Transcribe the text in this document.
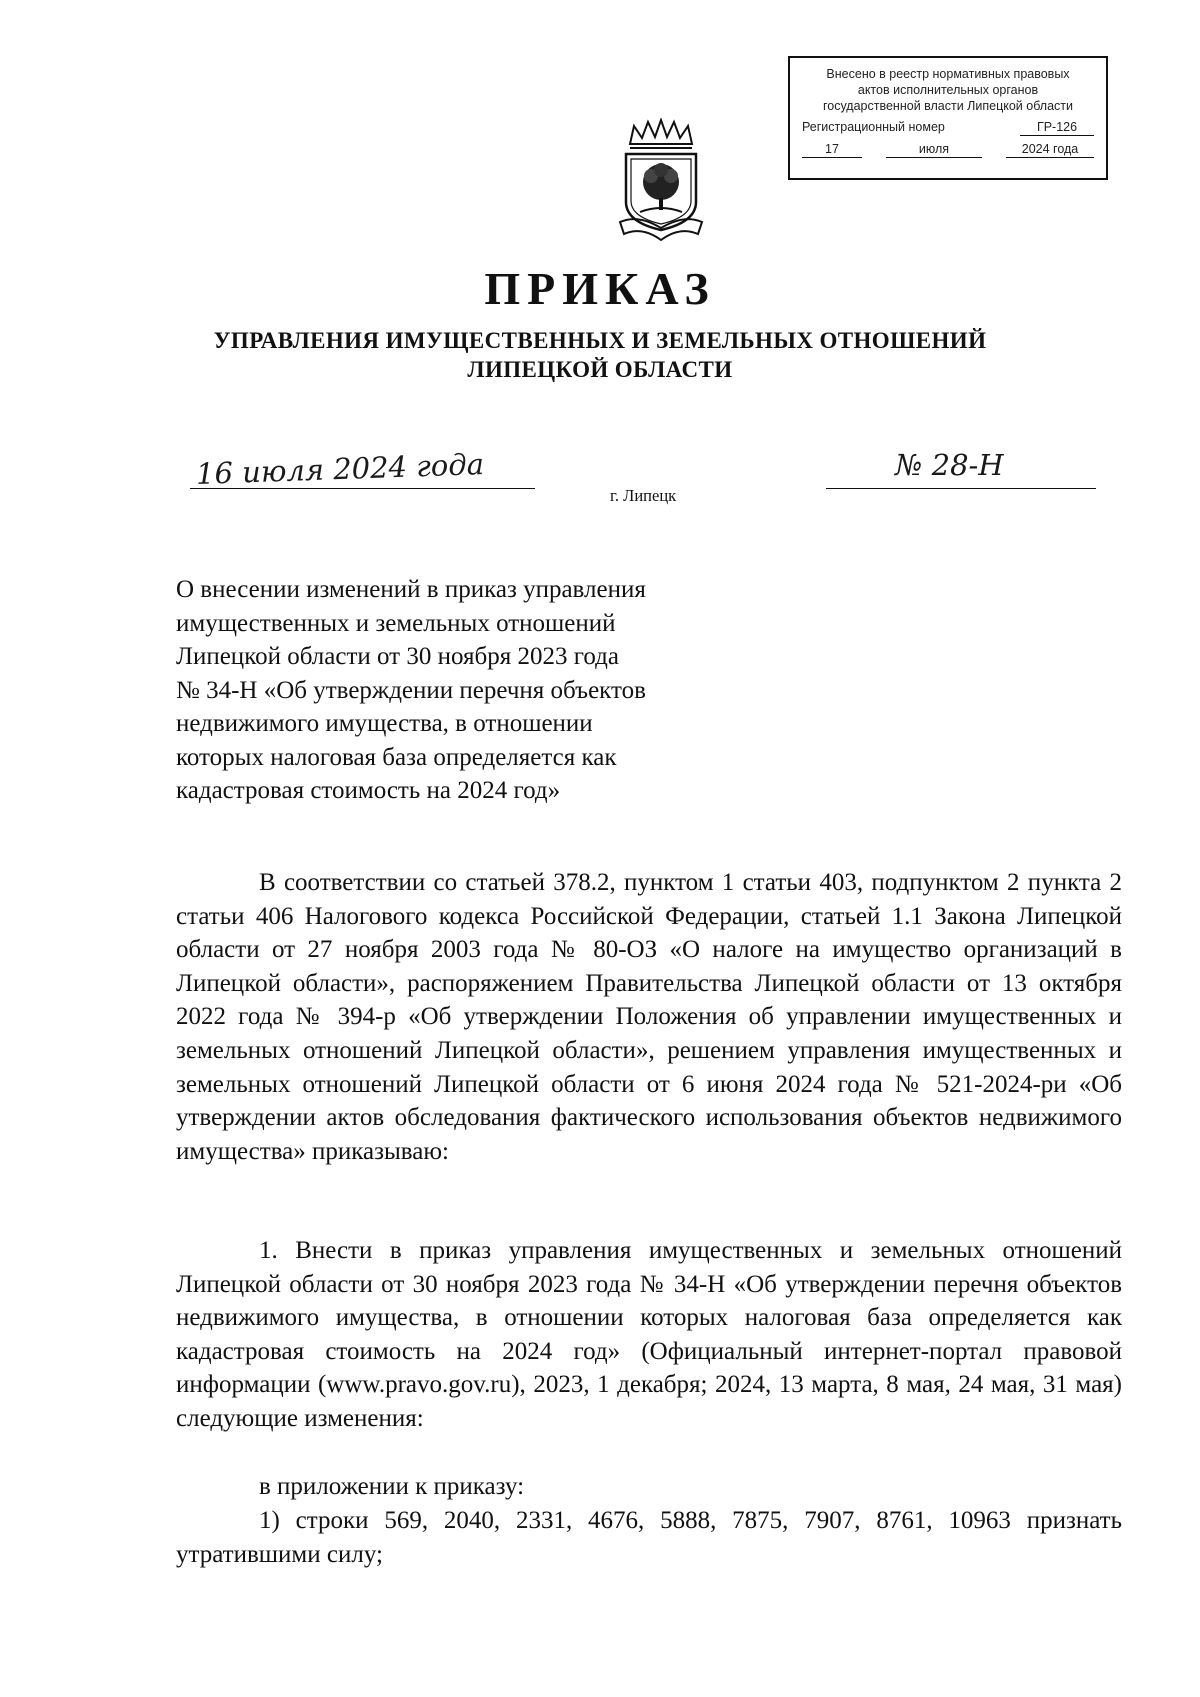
Внесено в реестр нормативных правовых
актов исполнительных органов
государственной власти Липецкой области
Регистрационный номер	ГР-126
17	июля	2024 года
ПРИКАЗ
УПРАВЛЕНИЯ ИМУЩЕСТВЕННЫХ И ЗЕМЕЛЬНЫХ ОТНОШЕНИЙ
ЛИПЕЦКОЙ ОБЛАСТИ
16 июля 2024 года	№ 28-Н
г. Липецк
О внесении изменений в приказ управления
имущественных и земельных отношений
Липецкой области от 30 ноября 2023 года
№ 34-Н «Об утверждении перечня объектов
недвижимого имущества, в отношении
которых налоговая база определяется как
кадастровая стоимость на 2024 год»

В соответствии со статьей 378.2, пунктом 1 статьи 403, подпунктом 2 пункта 2 статьи 406 Налогового кодекса Российской Федерации, статьей 1.1 Закона Липецкой области от 27 ноября 2003 года № 80-ОЗ «О налоге на имущество организаций в Липецкой области», распоряжением Правительства Липецкой области от 13 октября 2022 года № 394-р «Об утверждении Положения об управлении имущественных и земельных отношений Липецкой области», решением управления имущественных и земельных отношений Липецкой области от 6 июня 2024 года № 521-2024-ри «Об утверждении актов обследования фактического использования объектов недвижимого имущества» приказываю:

1. Внести в приказ управления имущественных и земельных отношений Липецкой области от 30 ноября 2023 года № 34-Н «Об утверждении перечня объектов недвижимого имущества, в отношении которых налоговая база определяется как кадастровая стоимость на 2024 год» (Официальный интернет-портал правовой информации (www.pravo.gov.ru), 2023, 1 декабря; 2024, 13 марта, 8 мая, 24 мая, 31 мая) следующие изменения:

в приложении к приказу:

1) строки 569, 2040, 2331, 4676, 5888, 7875, 7907, 8761, 10963 признать утратившими силу;
